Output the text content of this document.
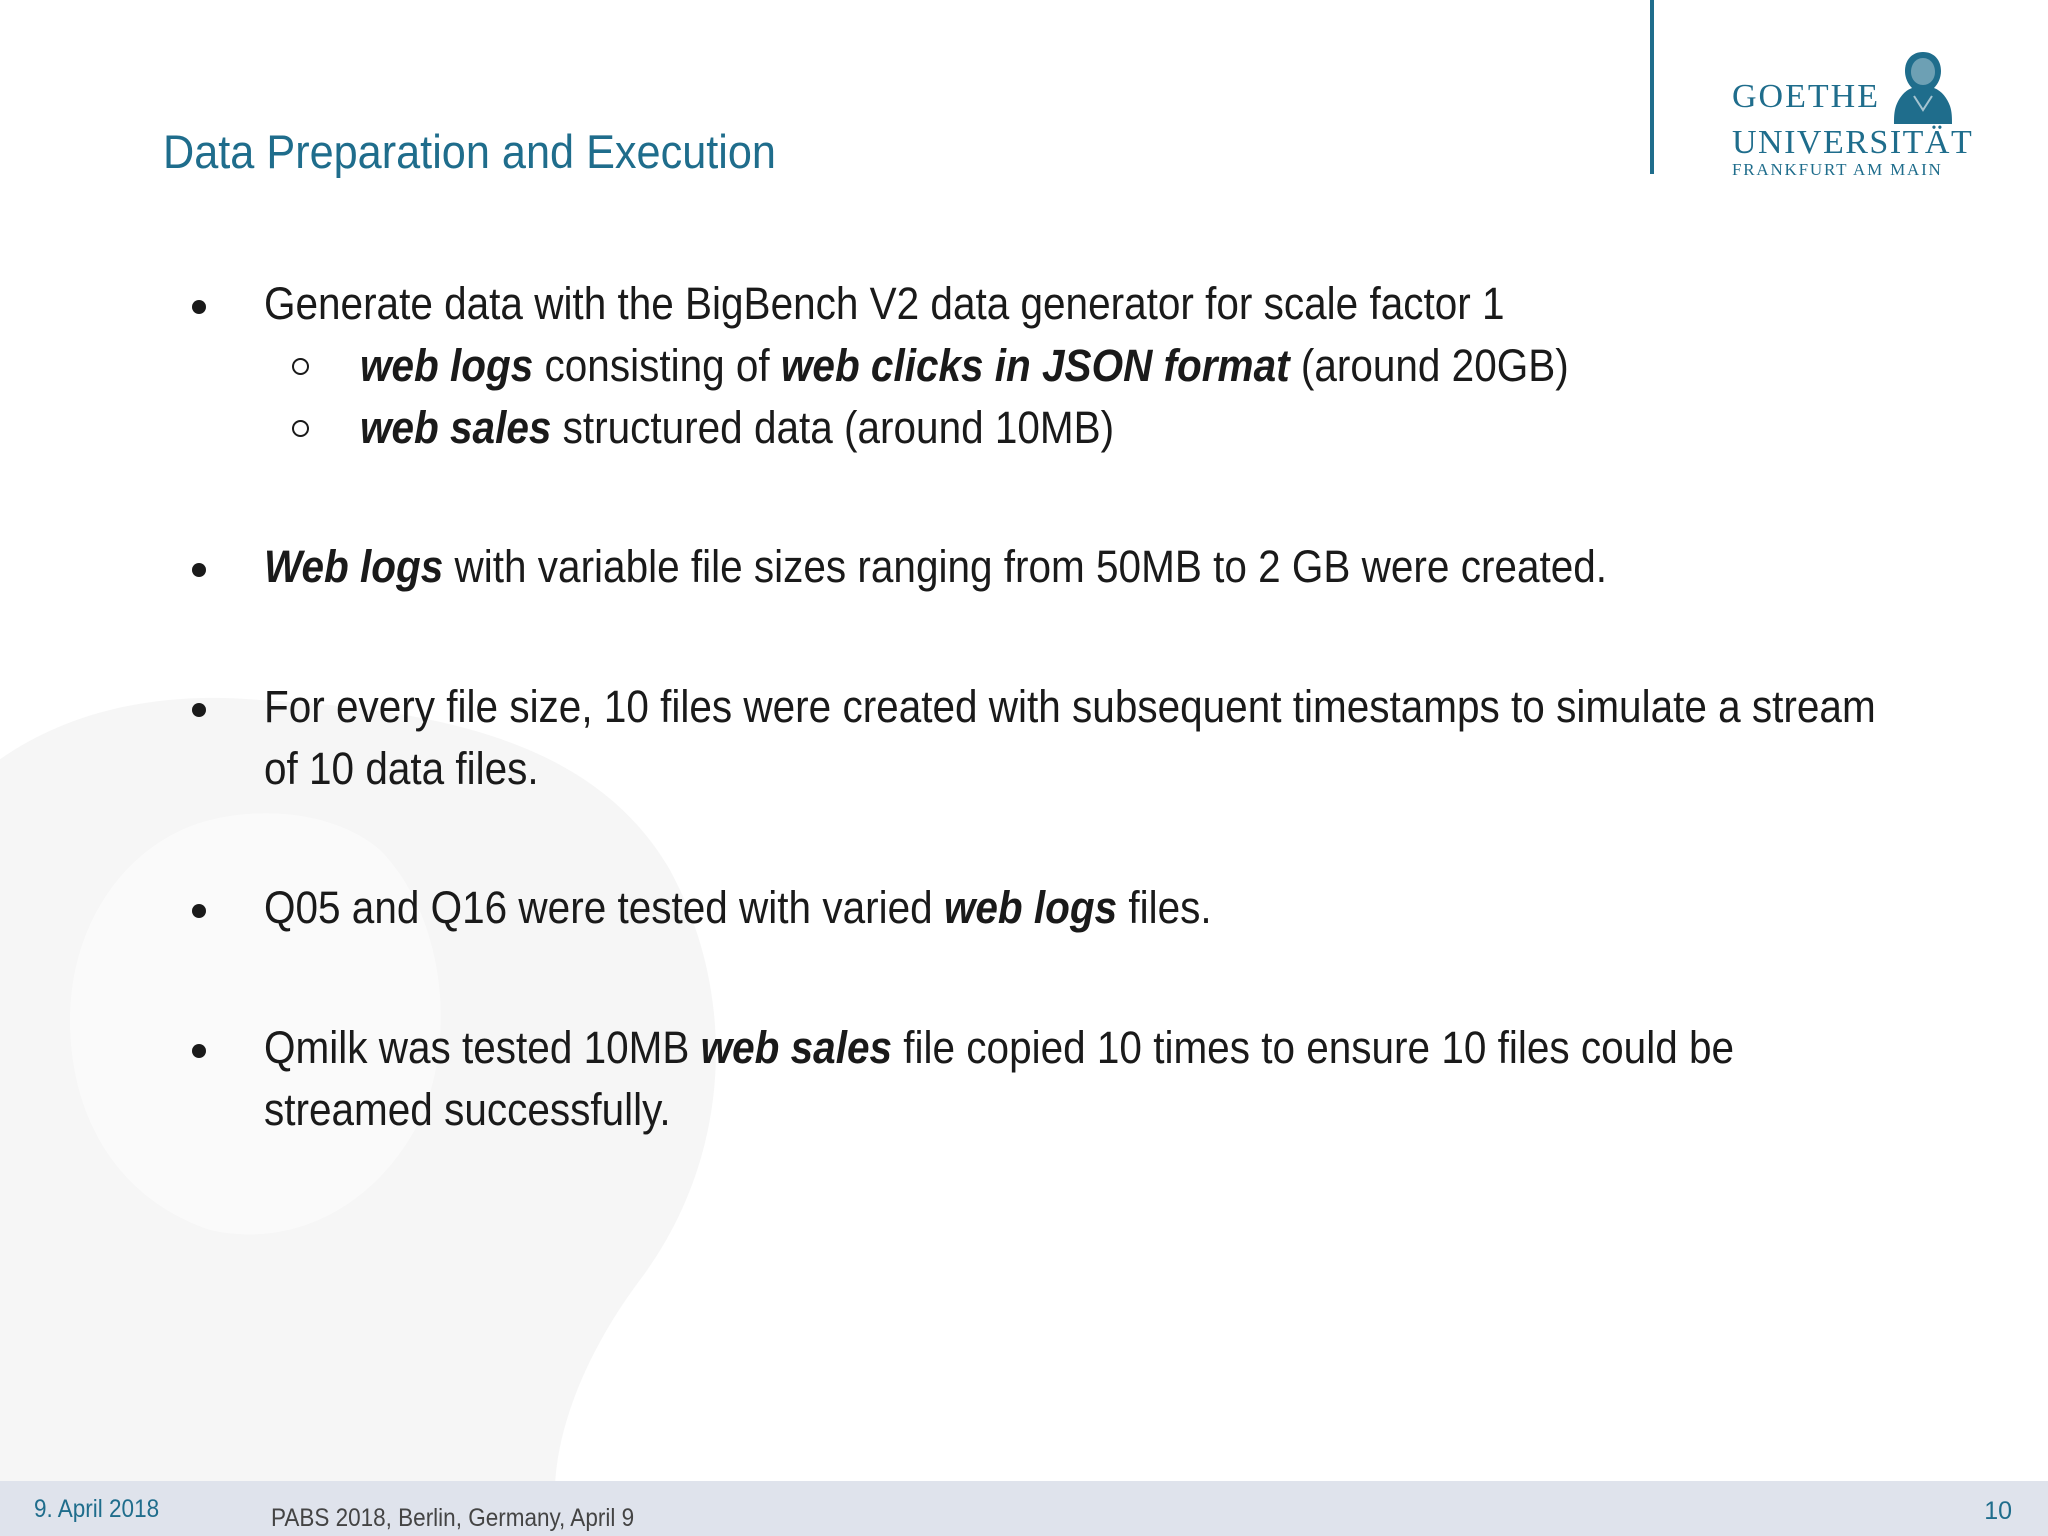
GOETHE
UNIVERSITÄT
FRANKFURT AM MAIN
Data Preparation and Execution
Generate data with the BigBench V2 data generator for scale factor 1
web logs consisting of web clicks in JSON format (around 20GB)
web sales structured data (around 10MB)
Web logs with variable file sizes ranging from 50MB to 2 GB were created.
For every file size, 10 files were created with subsequent timestamps to simulate a stream
of 10 data files.
Q05 and Q16 were tested with varied web logs files.
Qmilk was tested 10MB web sales file copied 10 times to ensure 10 files could be
streamed successfully.
9. April 2018	PABS 2018, Berlin, Germany, April 9	10
